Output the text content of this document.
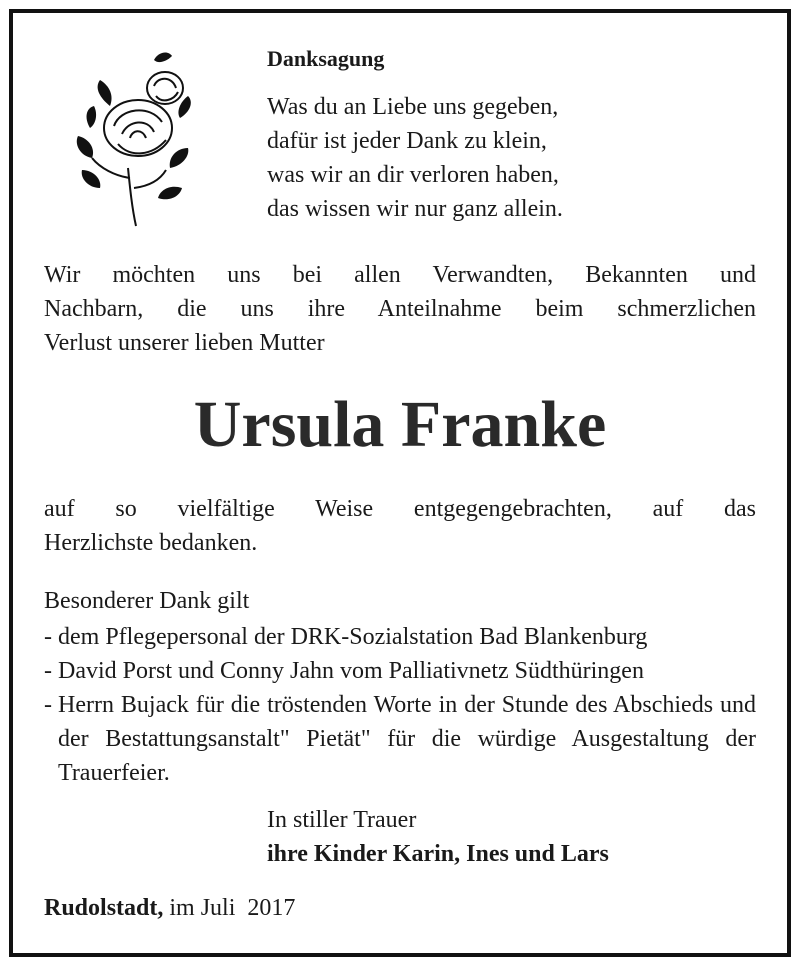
Danksagung
Was du an Liebe uns gegeben,
dafür ist jeder Dank zu klein,
was wir an dir verloren haben,
das wissen wir nur ganz allein.
Wir möchten uns bei allen Verwandten, Bekannten und
Nachbarn, die uns ihre Anteilnahme beim schmerzlichen
Verlust unserer lieben Mutter
Ursula Franke
auf so vielfältige Weise entgegengebrachten, auf das
Herzlichste bedanken.
Besonderer Dank gilt
- dem Pflegepersonal der DRK-Sozialstation Bad Blankenburg
- David Porst und Conny Jahn vom Palliativnetz Südthüringen
- Herrn Bujack für die tröstenden Worte in der Stunde des Abschieds und der Bestattungsanstalt" Pietät" für die würdige Ausgestaltung der Trauerfeier.
In stiller Trauer
ihre Kinder Karin, Ines und Lars
Rudolstadt, im Juli  2017
